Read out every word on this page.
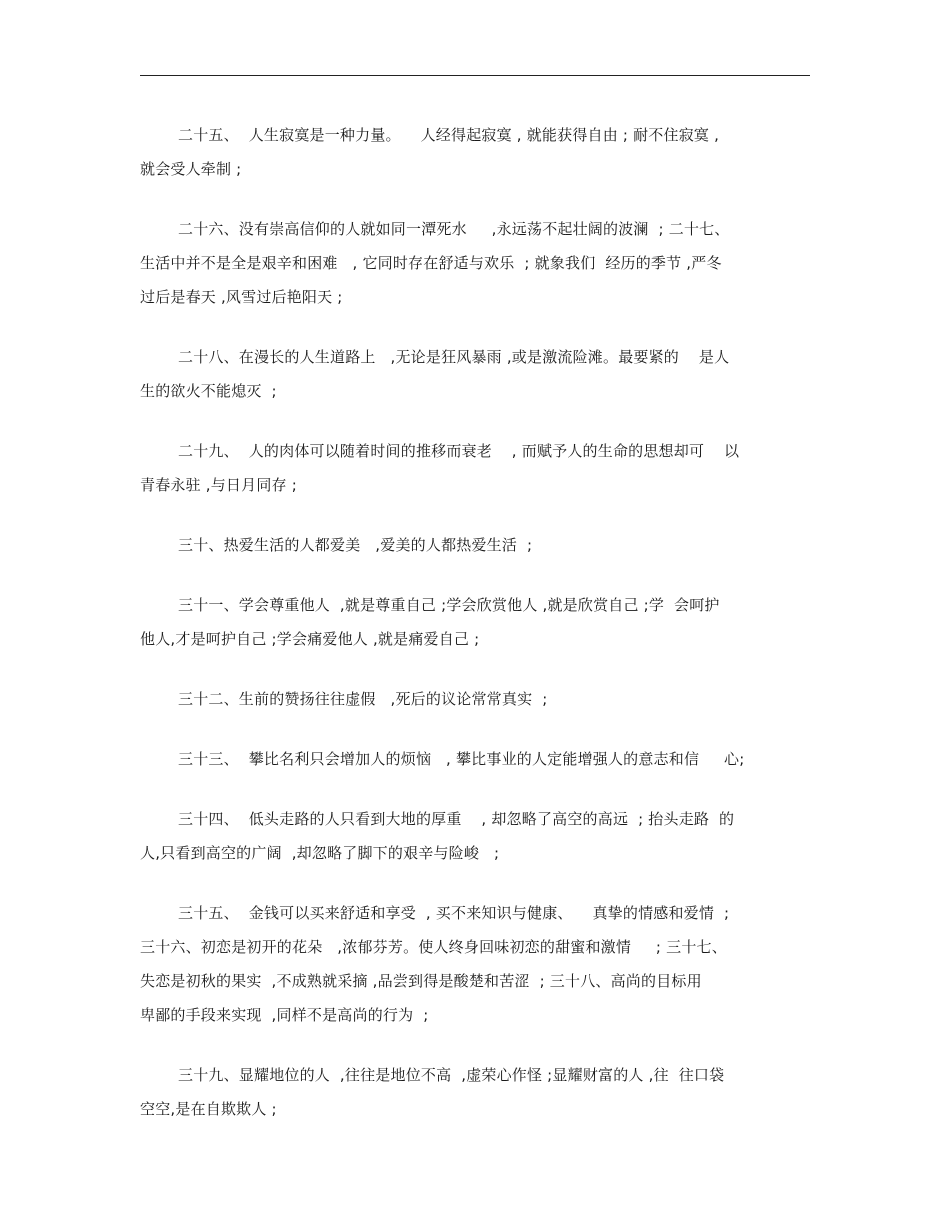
二十五、  人生寂寞是一种力量。    人经得起寂寞 , 就能获得自由 ; 耐不住寂寞 ,
就会受人牵制 ;

二十六、没有崇高信仰的人就如同一潭死水     ,永远荡不起壮阔的波澜  ; 二十七、
生活中并不是全是艰辛和困难   , 它同时存在舒适与欢乐  ; 就象我们  经历的季节 ,严冬
过后是春天 ,风雪过后艳阳天 ;

二十八、在漫长的人生道路上   ,无论是狂风暴雨 ,或是激流险滩。最要紧的    是人
生的欲火不能熄灭  ;

二十九、  人的肉体可以随着时间的推移而衰老    , 而赋予人的生命的思想却可    以
青春永驻 ,与日月同存 ;

三十、热爱生活的人都爱美   ,爱美的人都热爱生活  ;

三十一、学会尊重他人  ,就是尊重自己 ;学会欣赏他人 ,就是欣赏自己 ;学  会呵护
他人,才是呵护自己 ;学会痛爱他人 ,就是痛爱自己 ;

三十二、生前的赞扬往往虚假   ,死后的议论常常真实  ;

三十三、  攀比名利只会增加人的烦恼   , 攀比事业的人定能增强人的意志和信     心;

三十四、  低头走路的人只看到大地的厚重    , 却忽略了高空的高远  ; 抬头走路  的
人,只看到高空的广阔  ,却忽略了脚下的艰辛与险峻   ;

三十五、  金钱可以买来舒适和享受  , 买不来知识与健康、    真挚的情感和爱情  ;
三十六、初恋是初开的花朵   ,浓郁芬芳。使人终身回味初恋的甜蜜和激情     ; 三十七、
失恋是初秋的果实  ,不成熟就采摘 ,品尝到得是酸楚和苦涩  ; 三十八、高尚的目标用
卑鄙的手段来实现  ,同样不是高尚的行为  ;

三十九、显耀地位的人  ,往往是地位不高  ,虚荣心作怪 ;显耀财富的人 ,往  往口袋
空空,是在自欺欺人 ;
